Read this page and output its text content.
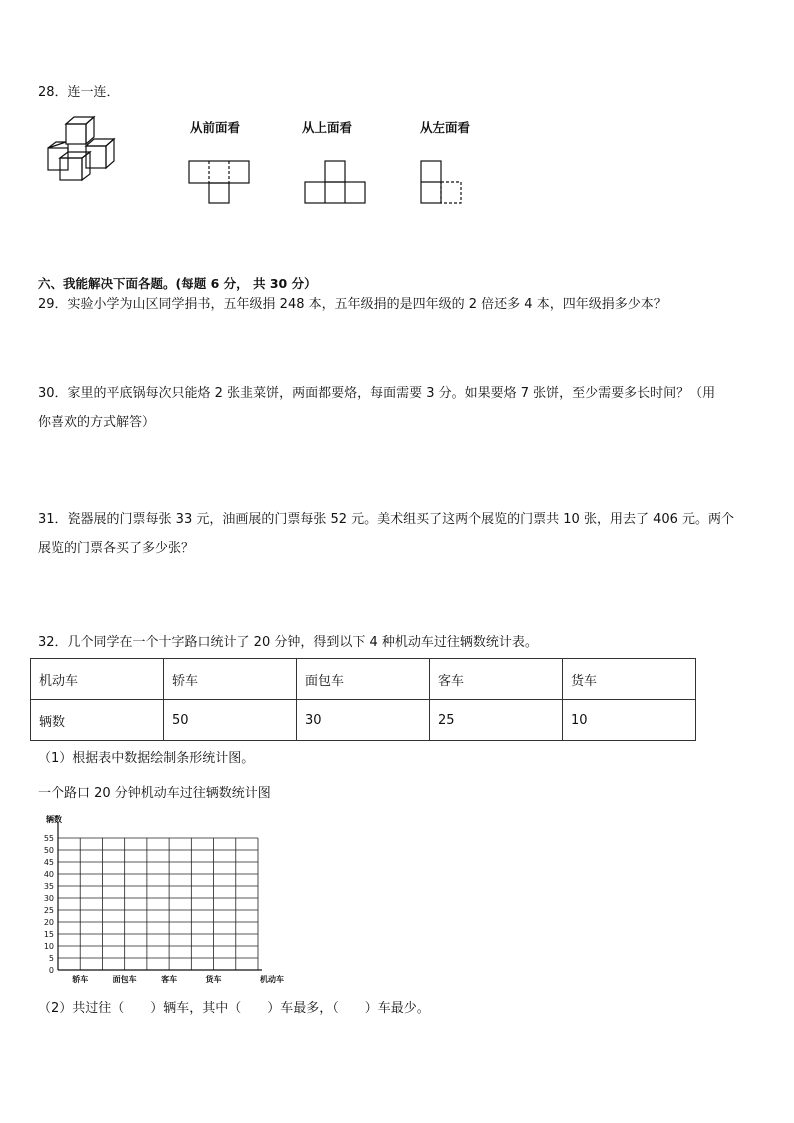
28．连一连．
从前面看	从上面看	从左面看
六、我能解决下面各题。(每题 6 分， 共 30 分）
29．实验小学为山区同学捐书，五年级捐 248 本，五年级捐的是四年级的 2 倍还多 4 本，四年级捐多少本？
30．家里的平底锅每次只能烙 2 张韭菜饼，两面都要烙，每面需要 3 分。如果要烙 7 张饼，至少需要多长时间？（用
你喜欢的方式解答）
31．瓷器展的门票每张 33 元，油画展的门票每张 52 元。美术组买了这两个展览的门票共 10 张，用去了 406 元。两个
展览的门票各买了多少张？
32．几个同学在一个十字路口统计了 20 分钟，得到以下 4 种机动车过往辆数统计表。
机动车	轿车	面包车	客车	货车
辆数	50	30	25	10
（1）根据表中数据绘制条形统计图。
一个路口 20 分钟机动车过往辆数统计图
0
5
10
15
20
25
30
35
40
45
50
55
辆数
机动车
轿车	面包车	客车	货车
（2）共过往（　　）辆车，其中（　　）车最多，（　　）车最少。
